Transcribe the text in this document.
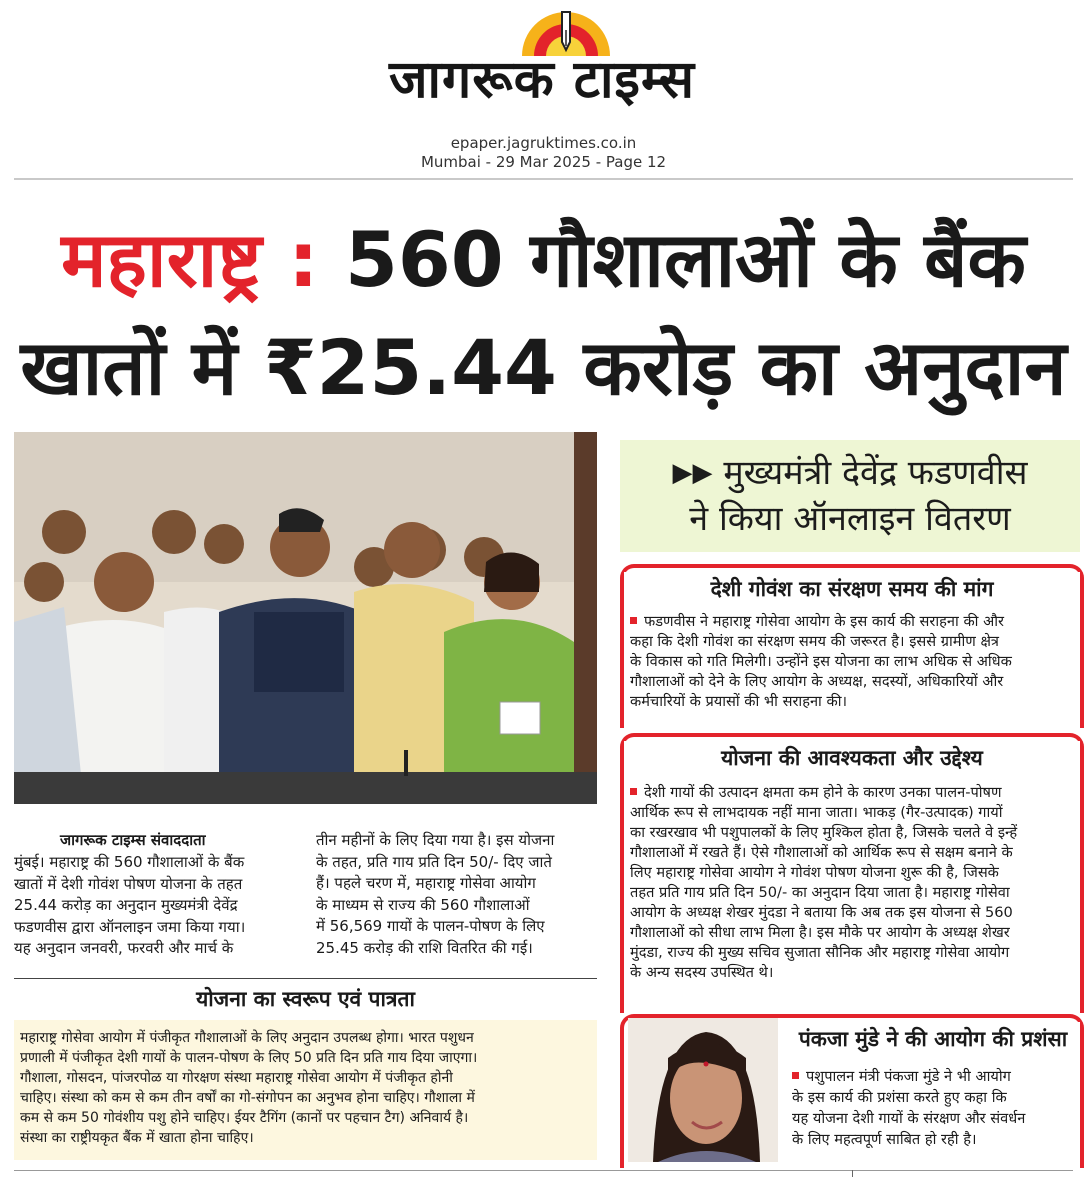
जागरूक टाइम्स
epaper.jagruktimes.co.in
Mumbai - 29 Mar 2025 - Page 12
महाराष्ट्र : 560 गौशालाओं के बैंक
खातों में ₹25.44 करोड़ का अनुदान
▶▶ मुख्यमंत्री देवेंद्र फडणवीस
ने किया ऑनलाइन वितरण
देशी गोवंश का संरक्षण समय की मांग
फडणवीस ने महाराष्ट्र गोसेवा आयोग के इस कार्य की सराहना की और
कहा कि देशी गोवंश का संरक्षण समय की जरूरत है। इससे ग्रामीण क्षेत्र
के विकास को गति मिलेगी। उन्होंने इस योजना का लाभ अधिक से अधिक
गौशालाओं को देने के लिए आयोग के अध्यक्ष, सदस्यों, अधिकारियों और
कर्मचारियों के प्रयासों की भी सराहना की।
योजना की आवश्यकता और उद्देश्य
देशी गायों की उत्पादन क्षमता कम होने के कारण उनका पालन-पोषण
आर्थिक रूप से लाभदायक नहीं माना जाता। भाकड़ (गैर-उत्पादक) गायों
का रखरखाव भी पशुपालकों के लिए मुश्किल होता है, जिसके चलते वे इन्हें
गौशालाओं में रखते हैं। ऐसे गौशालाओं को आर्थिक रूप से सक्षम बनाने के
लिए महाराष्ट्र गोसेवा आयोग ने गोवंश पोषण योजना शुरू की है, जिसके
तहत प्रति गाय प्रति दिन 50/- का अनुदान दिया जाता है। महाराष्ट्र गोसेवा
आयोग के अध्यक्ष शेखर मुंदडा ने बताया कि अब तक इस योजना से 560
गौशालाओं को सीधा लाभ मिला है। इस मौके पर आयोग के अध्यक्ष शेखर
मुंदडा, राज्य की मुख्य सचिव सुजाता सौनिक और महाराष्ट्र गोसेवा आयोग
के अन्य सदस्य उपस्थित थे।
पंकजा मुंडे ने की आयोग की प्रशंसा
पशुपालन मंत्री पंकजा मुंडे ने भी आयोग
के इस कार्य की प्रशंसा करते हुए कहा कि
यह योजना देशी गायों के संरक्षण और संवर्धन
के लिए महत्वपूर्ण साबित हो रही है।
जागरूक टाइम्स संवाददाता
मुंबई। महाराष्ट्र की 560 गौशालाओं के बैंक
खातों में देशी गोवंश पोषण योजना के तहत
25.44 करोड़ का अनुदान मुख्यमंत्री देवेंद्र
फडणवीस द्वारा ऑनलाइन जमा किया गया।
यह अनुदान जनवरी, फरवरी और मार्च के
तीन महीनों के लिए दिया गया है। इस योजना
के तहत, प्रति गाय प्रति दिन 50/- दिए जाते
हैं। पहले चरण में, महाराष्ट्र गोसेवा आयोग
के माध्यम से राज्य की 560 गौशालाओं
में 56,569 गायों के पालन-पोषण के लिए
25.45 करोड़ की राशि वितरित की गई।
योजना का स्वरूप एवं पात्रता
महाराष्ट्र गोसेवा आयोग में पंजीकृत गौशालाओं के लिए अनुदान उपलब्ध होगा। भारत पशुधन
प्रणाली में पंजीकृत देशी गायों के पालन-पोषण के लिए 50 प्रति दिन प्रति गाय दिया जाएगा।
गौशाला, गोसदन, पांजरपोळ या गोरक्षण संस्था महाराष्ट्र गोसेवा आयोग में पंजीकृत होनी
चाहिए। संस्था को कम से कम तीन वर्षों का गो-संगोपन का अनुभव होना चाहिए। गौशाला में
कम से कम 50 गोवंशीय पशु होने चाहिए। ईयर टैगिंग (कानों पर पहचान टैग) अनिवार्य है।
संस्था का राष्ट्रीयकृत बैंक में खाता होना चाहिए।
